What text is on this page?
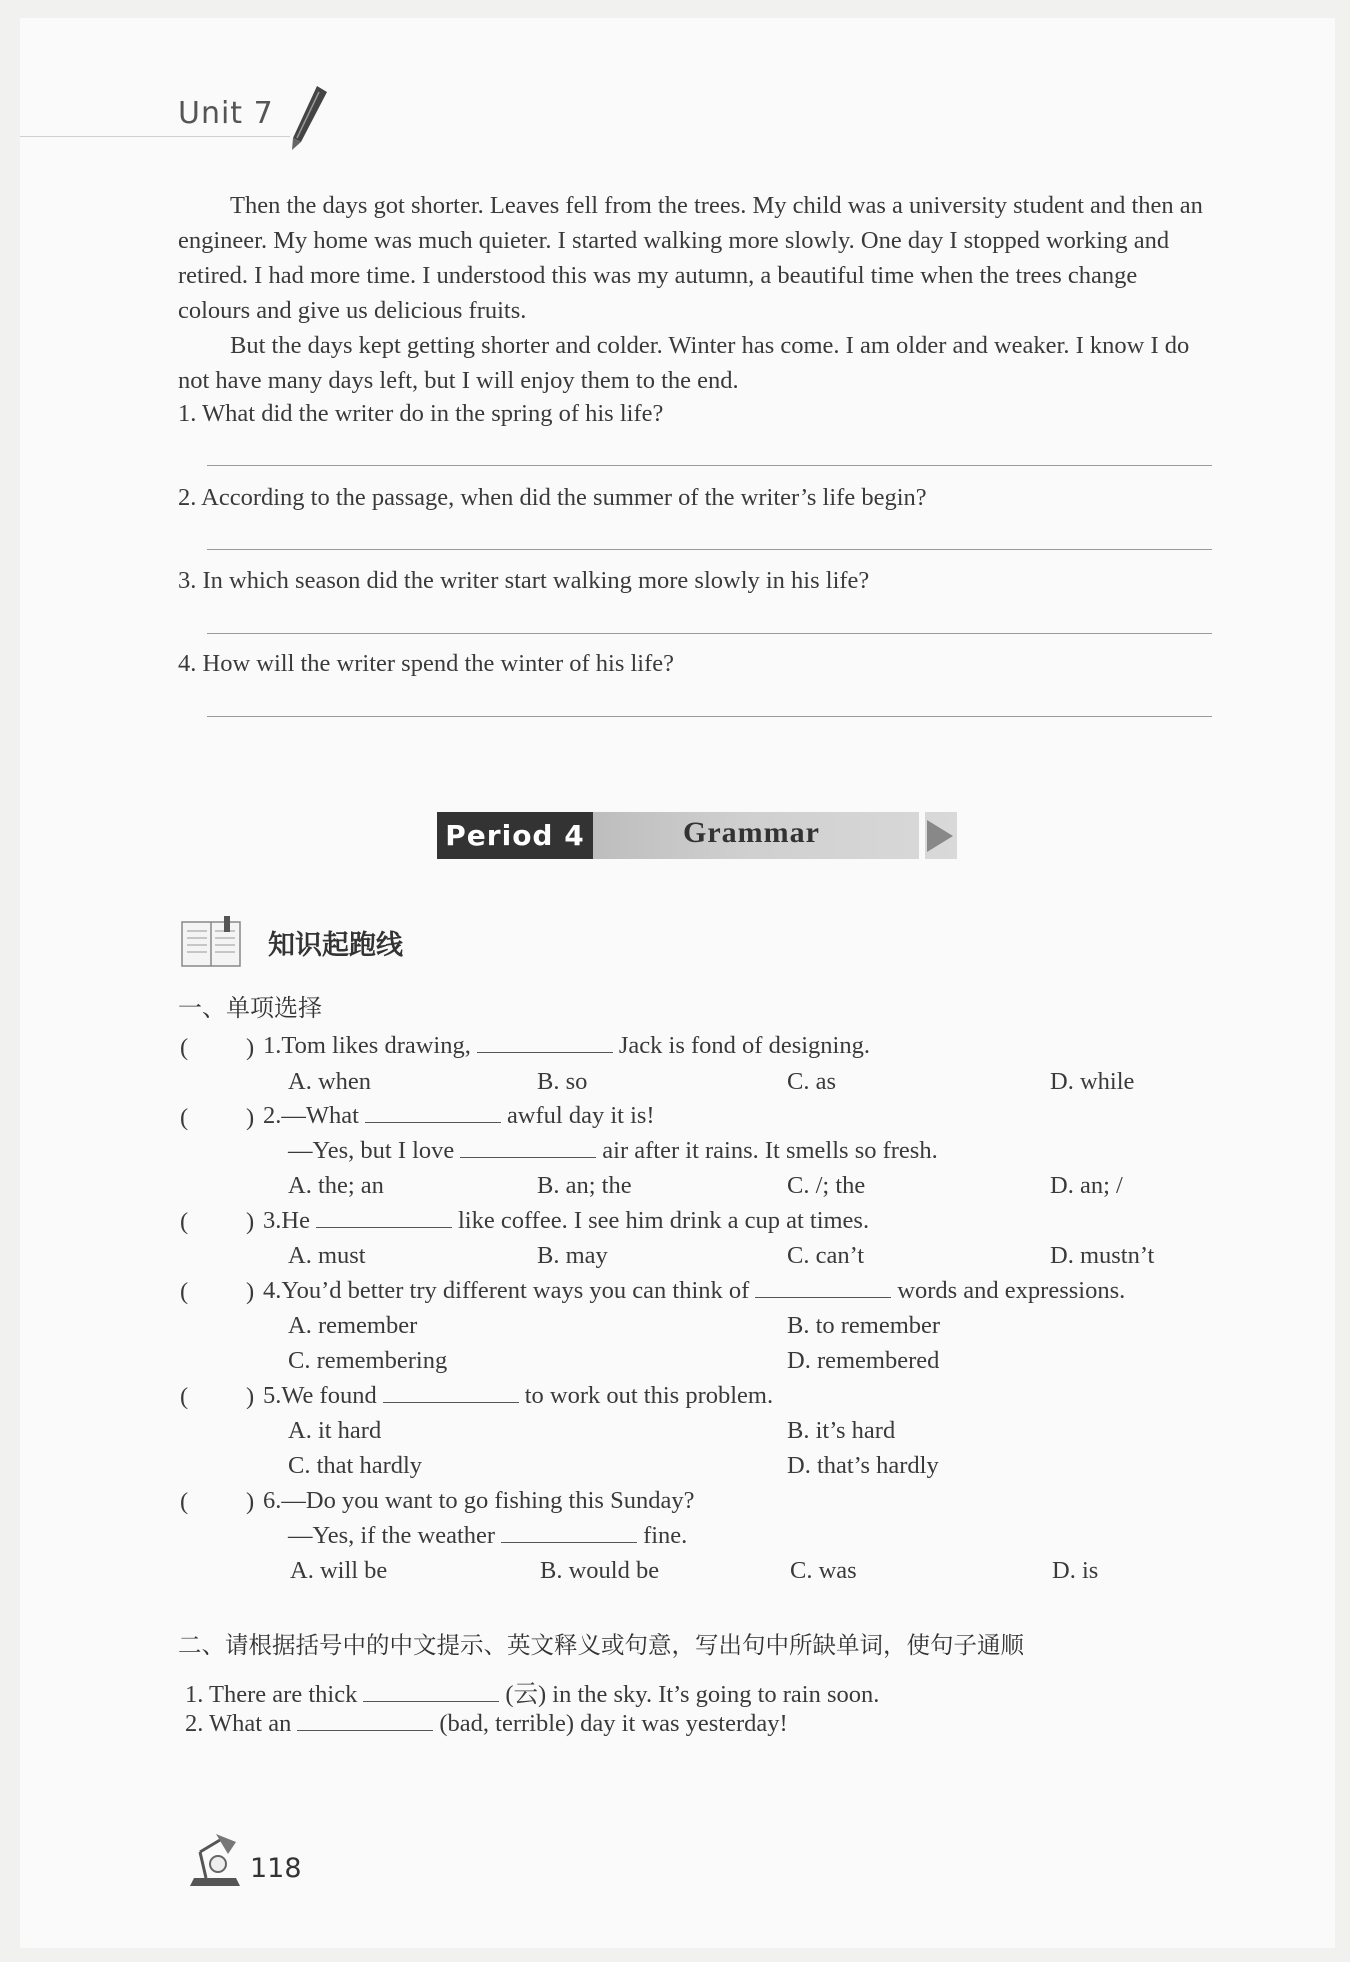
Unit 7
Then the days got shorter. Leaves fell from the trees. My child was a university student and then an engineer. My home was much quieter. I started walking more slowly. One day I stopped working and retired. I had more time. I understood this was my autumn, a beautiful time when the trees change colours and give us delicious fruits.
But the days kept getting shorter and colder. Winter has come. I am older and weaker. I know I do not have many days left, but I will enjoy them to the end.
1. What did the writer do in the spring of his life?
2. According to the passage, when did the summer of the writer’s life begin?
3. In which season did the writer start walking more slowly in his life?
4. How will the writer spend the winter of his life?
Period 4	Grammar
知识起跑线
一、单项选择
( ) 1.Tom likes drawing,	Jack is fond of designing.
A. when	B. so	C. as	D. while
( ) 2.—What	awful day it is!
—Yes, but I love	air after it rains. It smells so fresh.
A. the; an	B. an; the	C. /; the	D. an; /
( ) 3.He	like coffee. I see him drink a cup at times.
A. must	B. may	C. can’t	D. mustn’t
( ) 4.You’d better try different ways you can think of	words and expressions.
A. remember	B. to remember
C. remembering	D. remembered
( ) 5.We found	to work out this problem.
A. it hard	B. it’s hard
C. that hardly	D. that’s hardly
( ) 6.—Do you want to go fishing this Sunday?
—Yes, if the weather	fine.
A. will be	B. would be	C. was	D. is
二、请根据括号中的中文提示、英文释义或句意，写出句中所缺单词，使句子通顺
1. There are thick	(云) in the sky. It’s going to rain soon.
2. What an	(bad, terrible) day it was yesterday!
118
